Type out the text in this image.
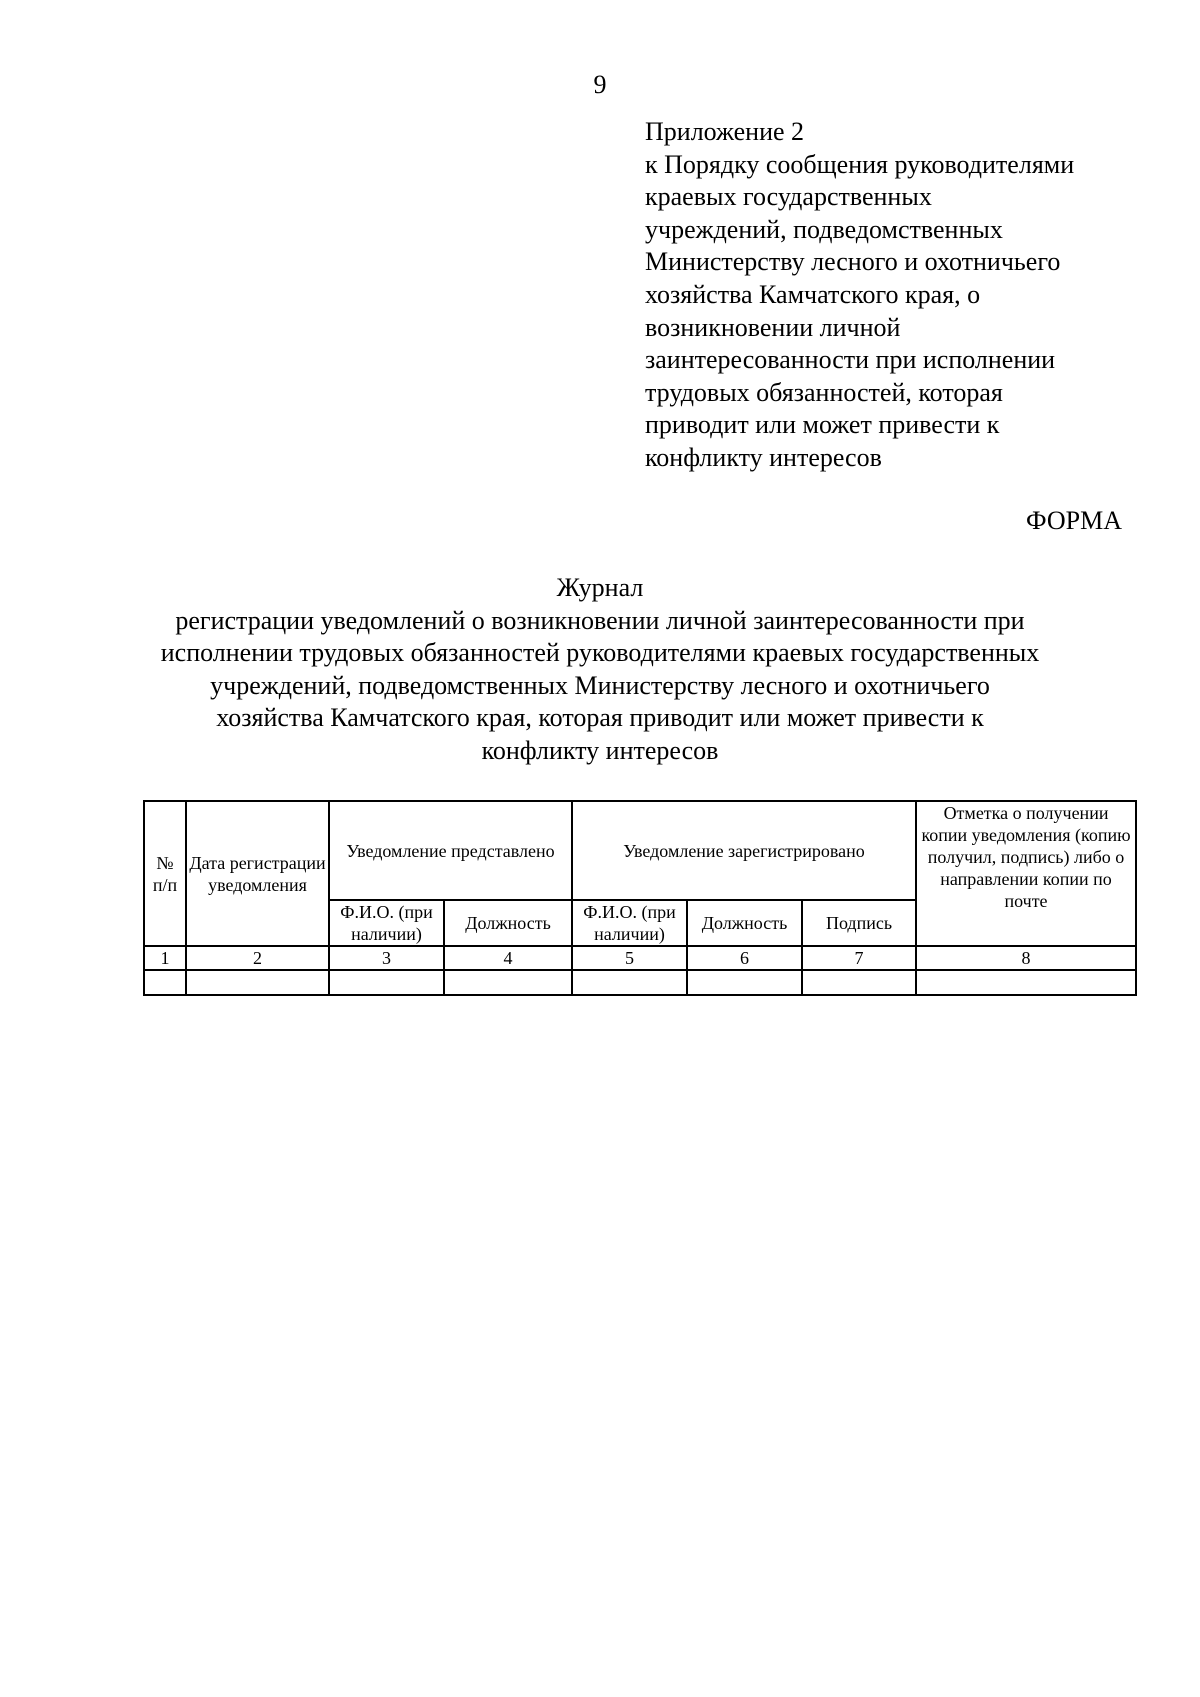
9
Приложение 2
к Порядку сообщения руководителями
краевых государственных
учреждений, подведомственных
Министерству лесного и охотничьего
хозяйства Камчатского края, о
возникновении личной
заинтересованности при исполнении
трудовых обязанностей, которая
приводит или может привести к
конфликту интересов
ФОРМА
Журнал
регистрации уведомлений о возникновении личной заинтересованности при
исполнении трудовых обязанностей руководителями краевых государственных
учреждений, подведомственных Министерству лесного и охотничьего
хозяйства Камчатского края, которая приводит или может привести к
конфликту интересов
№ п/п	Дата регистрации уведомления	Уведомление представлено		Уведомление зарегистрировано			Отметка о получении копии уведомления (копию получил, подпись) либо о направлении копии по почте
		Ф.И.О. (при наличии)	Должность	Ф.И.О. (при наличии)	Должность	Подпись	
1	2	3	4	5	6	7	8
